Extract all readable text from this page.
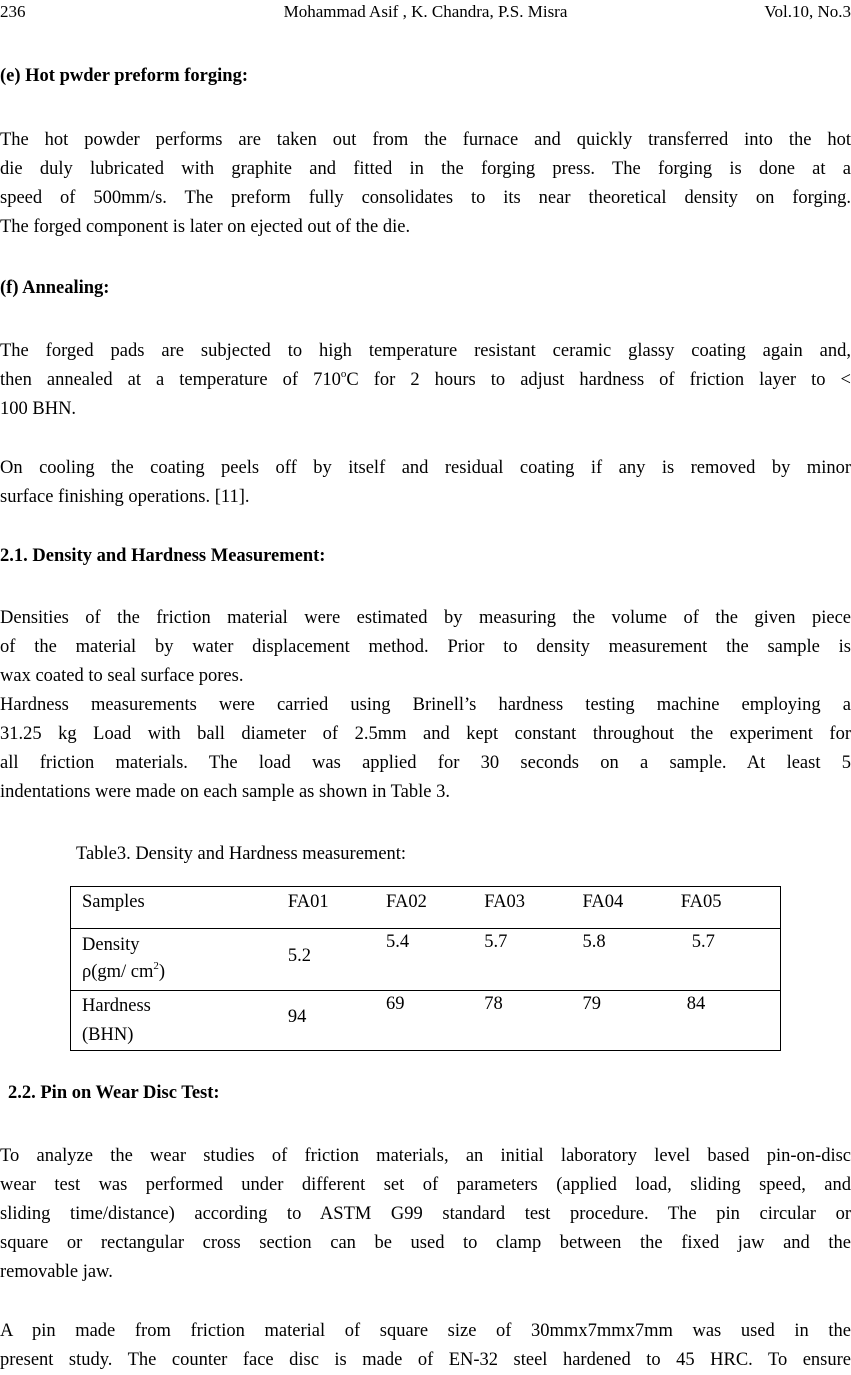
236	Mohammad Asif , K. Chandra, P.S. Misra	Vol.10, No.3
(e) Hot pwder preform forging:
The hot powder performs are taken out from the furnace and quickly transferred into the hot
die duly lubricated with graphite and fitted in the forging press. The forging is done at a
speed of 500mm/s. The preform fully consolidates to its near theoretical density on forging.
The forged component is later on ejected out of the die.
(f) Annealing:
The forged pads are subjected to high temperature resistant ceramic glassy coating again and,
then annealed at a temperature of 710$^o$C for 2 hours to adjust hardness of friction layer to <
100 BHN.
On cooling the coating peels off by itself and residual coating if any is removed by minor
surface finishing operations. [11].
2.1. Density and Hardness Measurement:
Densities of the friction material were estimated by measuring the volume of the given piece
of the material by water displacement method. Prior to density measurement the sample is
wax coated to seal surface pores.
Hardness measurements were carried using Brinell’s hardness testing machine employing a
31.25 kg Load with ball diameter of 2.5mm and kept constant throughout the experiment for
all friction materials. The load was applied for 30 seconds on a sample. At least 5
indentations were made on each sample as shown in Table 3.
Table3. Density and Hardness measurement:
Samples	FA01	FA02	FA03	FA04	FA05

Density
ρ(gm/ $cm^2$)	5.2	5.4	5.7	5.8	5.7

Hardness
(BHN)	94	69	78	79	84
2.2. Pin on Wear Disc Test:
To analyze the wear studies of friction materials, an initial laboratory level based pin-on-disc
wear test was performed under different set of parameters (applied load, sliding speed, and
sliding time/distance) according to ASTM G99 standard test procedure. The pin circular or
square or rectangular cross section can be used to clamp between the fixed jaw and the
removable jaw.
A pin made from friction material of square size of 30mmx7mmx7mm was used in the
present study. The counter face disc is made of EN-32 steel hardened to 45 HRC. To ensure
